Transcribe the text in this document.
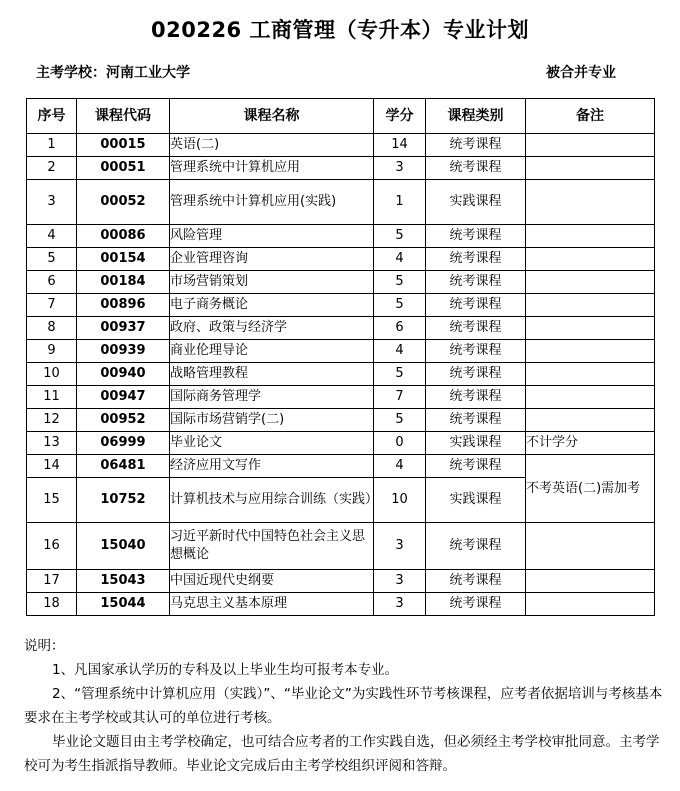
020226 工商管理（专升本）专业计划
主考学校：河南工业大学	被合并专业
序号	课程代码	课程名称	学分	课程类别	备注
1	00015	英语(二)	14	统考课程	
2	00051	管理系统中计算机应用	3	统考课程	
3	00052	管理系统中计算机应用(实践)	1	实践课程	
4	00086	风险管理	5	统考课程	
5	00154	企业管理咨询	4	统考课程	
6	00184	市场营销策划	5	统考课程	
7	00896	电子商务概论	5	统考课程	
8	00937	政府、政策与经济学	6	统考课程	
9	00939	商业伦理导论	4	统考课程	
10	00940	战略管理教程	5	统考课程	
11	00947	国际商务管理学	7	统考课程	
12	00952	国际市场营销学(二)	5	统考课程	
13	06999	毕业论文	0	实践课程	不计学分
14	06481	经济应用文写作	4	统考课程	不考英语(二)需加考
15	10752	计算机技术与应用综合训练（实践）	10	实践课程	
16	15040	习近平新时代中国特色社会主义思想概论	3	统考课程	
17	15043	中国近现代史纲要	3	统考课程	
18	15044	马克思主义基本原理	3	统考课程	

说明：

1、凡国家承认学历的专科及以上毕业生均可报考本专业。

2、“管理系统中计算机应用（实践）”、“毕业论文”为实践性环节考核课程，应考者依据培训与考核基本要求在主考学校或其认可的单位进行考核。

毕业论文题目由主考学校确定，也可结合应考者的工作实践自选，但必须经主考学校审批同意。主考学校可为考生指派指导教师。毕业论文完成后由主考学校组织评阅和答辩。
